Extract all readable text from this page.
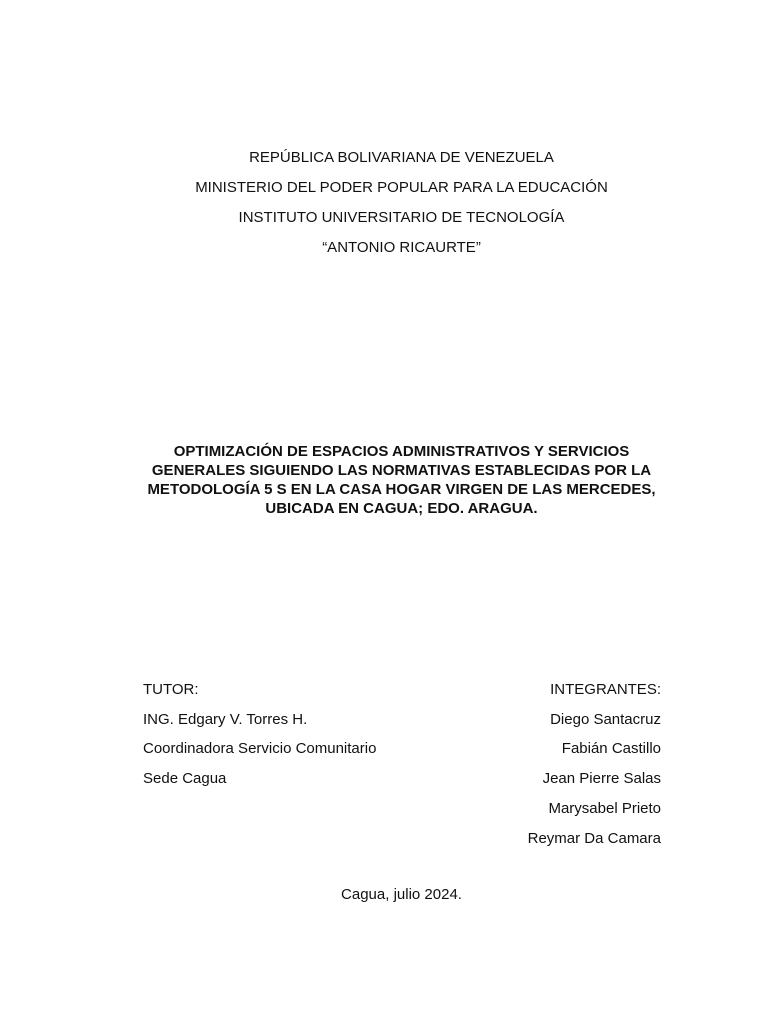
REPÚBLICA BOLIVARIANA DE VENEZUELA
MINISTERIO DEL PODER POPULAR PARA LA EDUCACIÓN
INSTITUTO UNIVERSITARIO DE TECNOLOGÍA
“ANTONIO RICAURTE”
OPTIMIZACIÓN DE ESPACIOS ADMINISTRATIVOS Y SERVICIOS
GENERALES SIGUIENDO LAS NORMATIVAS ESTABLECIDAS POR LA
METODOLOGÍA 5 S EN LA CASA HOGAR VIRGEN DE LAS MERCEDES,
UBICADA EN CAGUA; EDO. ARAGUA.
TUTOR:
ING. Edgary V. Torres H.
Coordinadora Servicio Comunitario
Sede Cagua
INTEGRANTES:
Diego Santacruz
Fabián Castillo
Jean Pierre Salas
Marysabel Prieto
Reymar Da Camara
Cagua, julio 2024.
